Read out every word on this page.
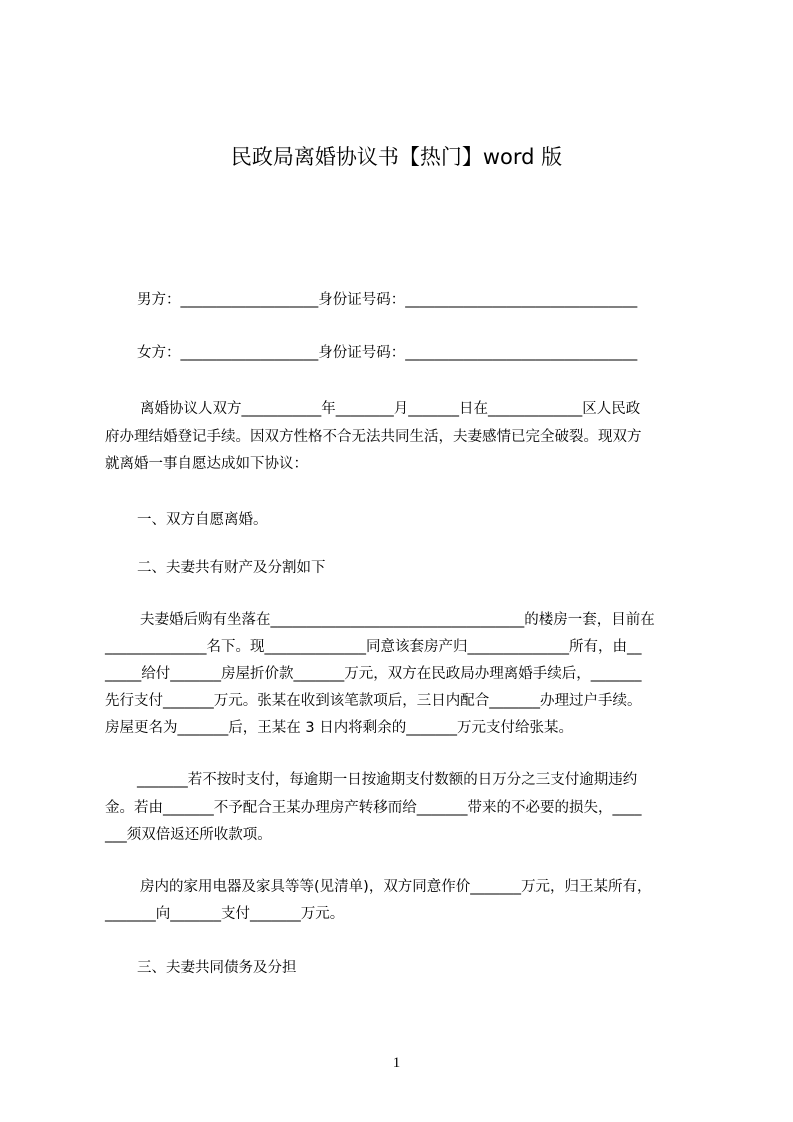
民政局离婚协议书【热门】word 版
男方：___________________身份证号码：________________________________
女方：___________________身份证号码：________________________________
离婚协议人双方___________年________月_______日在_____________区人民政
府办理结婚登记手续。因双方性格不合无法共同生活，夫妻感情已完全破裂。现双方
就离婚一事自愿达成如下协议：
一、双方自愿离婚。
二、夫妻共有财产及分割如下
夫妻婚后购有坐落在___________________________________的楼房一套，目前在
______________名下。现______________同意该套房产归______________所有，由__
_____给付_______房屋折价款_______万元，双方在民政局办理离婚手续后，_______
先行支付_______万元。张某在收到该笔款项后，三日内配合_______办理过户手续。
房屋更名为_______后，王某在 3 日内将剩余的_______万元支付给张某。
_______若不按时支付，每逾期一日按逾期支付数额的日万分之三支付逾期违约
金。若由_______不予配合王某办理房产转移而给_______带来的不必要的损失，____
___须双倍返还所收款项。
房内的家用电器及家具等等(见清单)，双方同意作价_______万元，归王某所有，
_______向_______支付_______万元。
三、夫妻共同债务及分担
1
